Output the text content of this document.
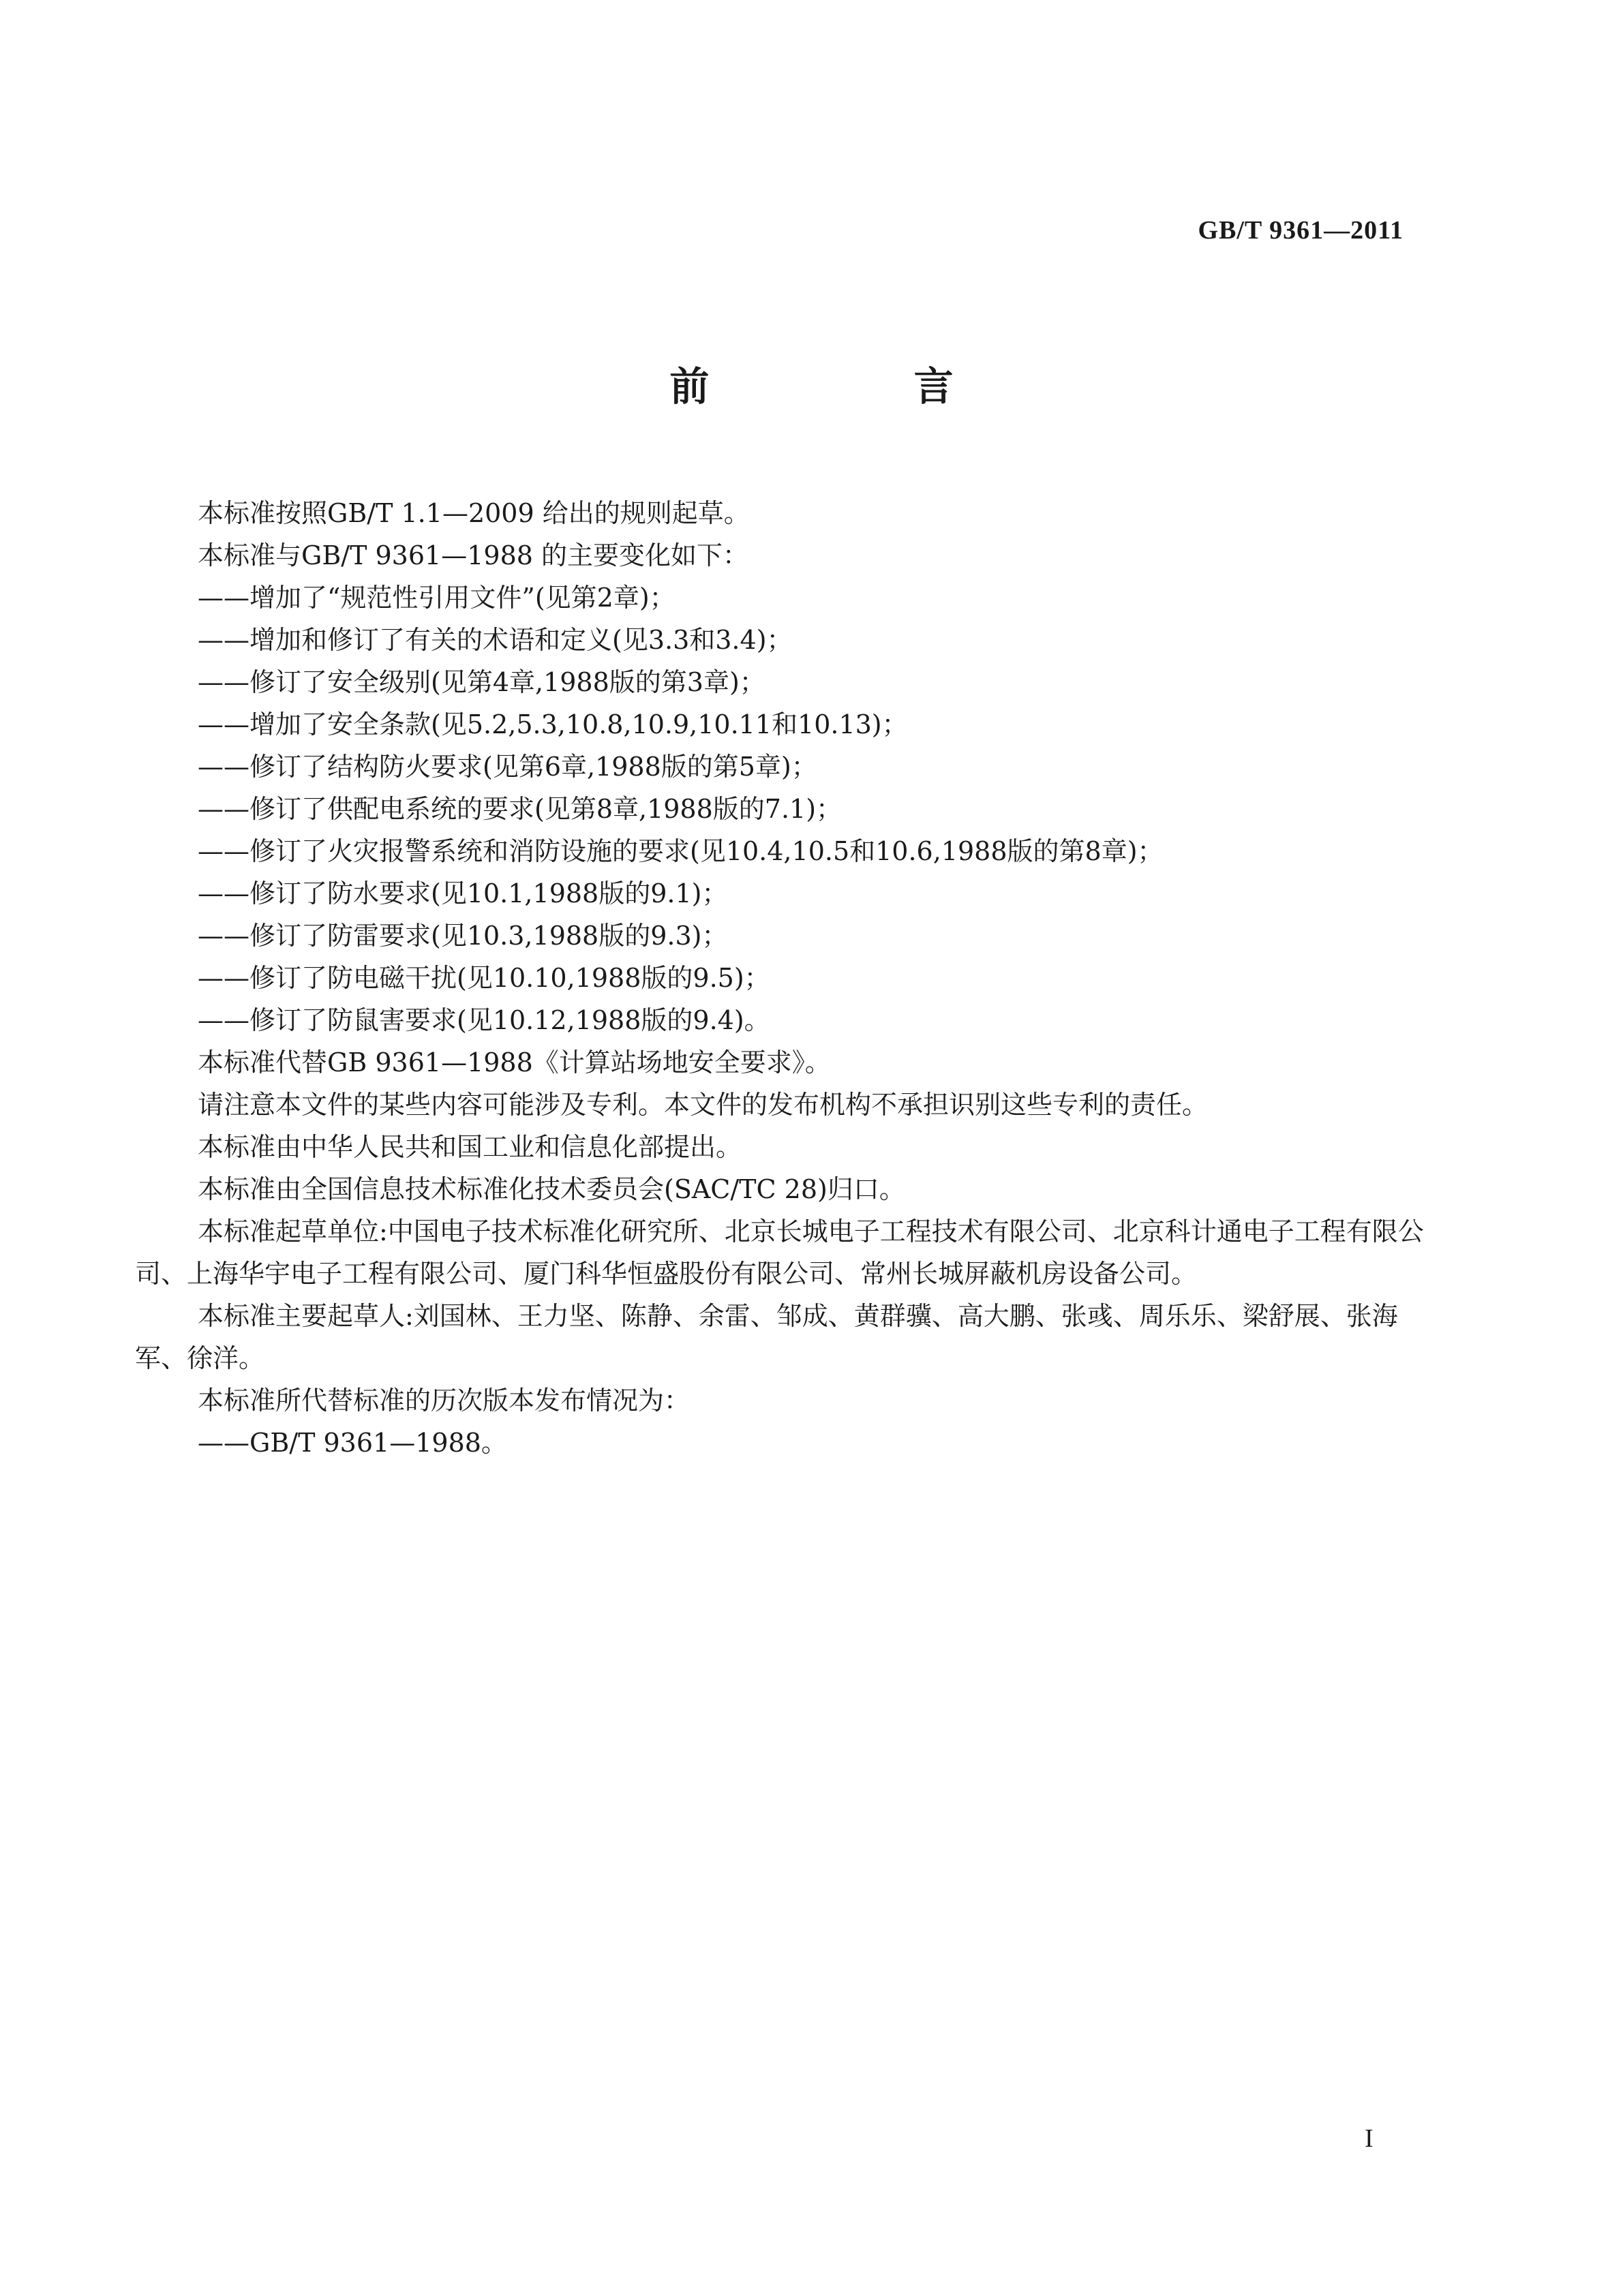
GB/T 9361—2011
前 言

本标准按照GB/T 1.1—2009 给出的规则起草。

本标准与GB/T 9361—1988 的主要变化如下：

——增加了“规范性引用文件”(见第2章)；

——增加和修订了有关的术语和定义(见3.3和3.4)；

——修订了安全级别(见第4章,1988版的第3章)；

——增加了安全条款(见5.2,5.3,10.8,10.9,10.11和10.13)；

——修订了结构防火要求(见第6章,1988版的第5章)；

——修订了供配电系统的要求(见第8章,1988版的7.1)；

——修订了火灾报警系统和消防设施的要求(见10.4,10.5和10.6,1988版的第8章)；

——修订了防水要求(见10.1,1988版的9.1)；

——修订了防雷要求(见10.3,1988版的9.3)；

——修订了防电磁干扰(见10.10,1988版的9.5)；

——修订了防鼠害要求(见10.12,1988版的9.4)。

本标准代替GB 9361—1988《计算站场地安全要求》。

请注意本文件的某些内容可能涉及专利。本文件的发布机构不承担识别这些专利的责任。

本标准由中华人民共和国工业和信息化部提出。

本标准由全国信息技术标准化技术委员会(SAC/TC 28)归口。

本标准起草单位:中国电子技术标准化研究所、北京长城电子工程技术有限公司、北京科计通电子工程有限公司、上海华宇电子工程有限公司、厦门科华恒盛股份有限公司、常州长城屏蔽机房设备公司。

本标准主要起草人:刘国林、王力坚、陈静、余雷、邹成、黄群骥、高大鹏、张彧、周乐乐、梁舒展、张海军、徐洋。

本标准所代替标准的历次版本发布情况为：

——GB/T 9361—1988。

I
